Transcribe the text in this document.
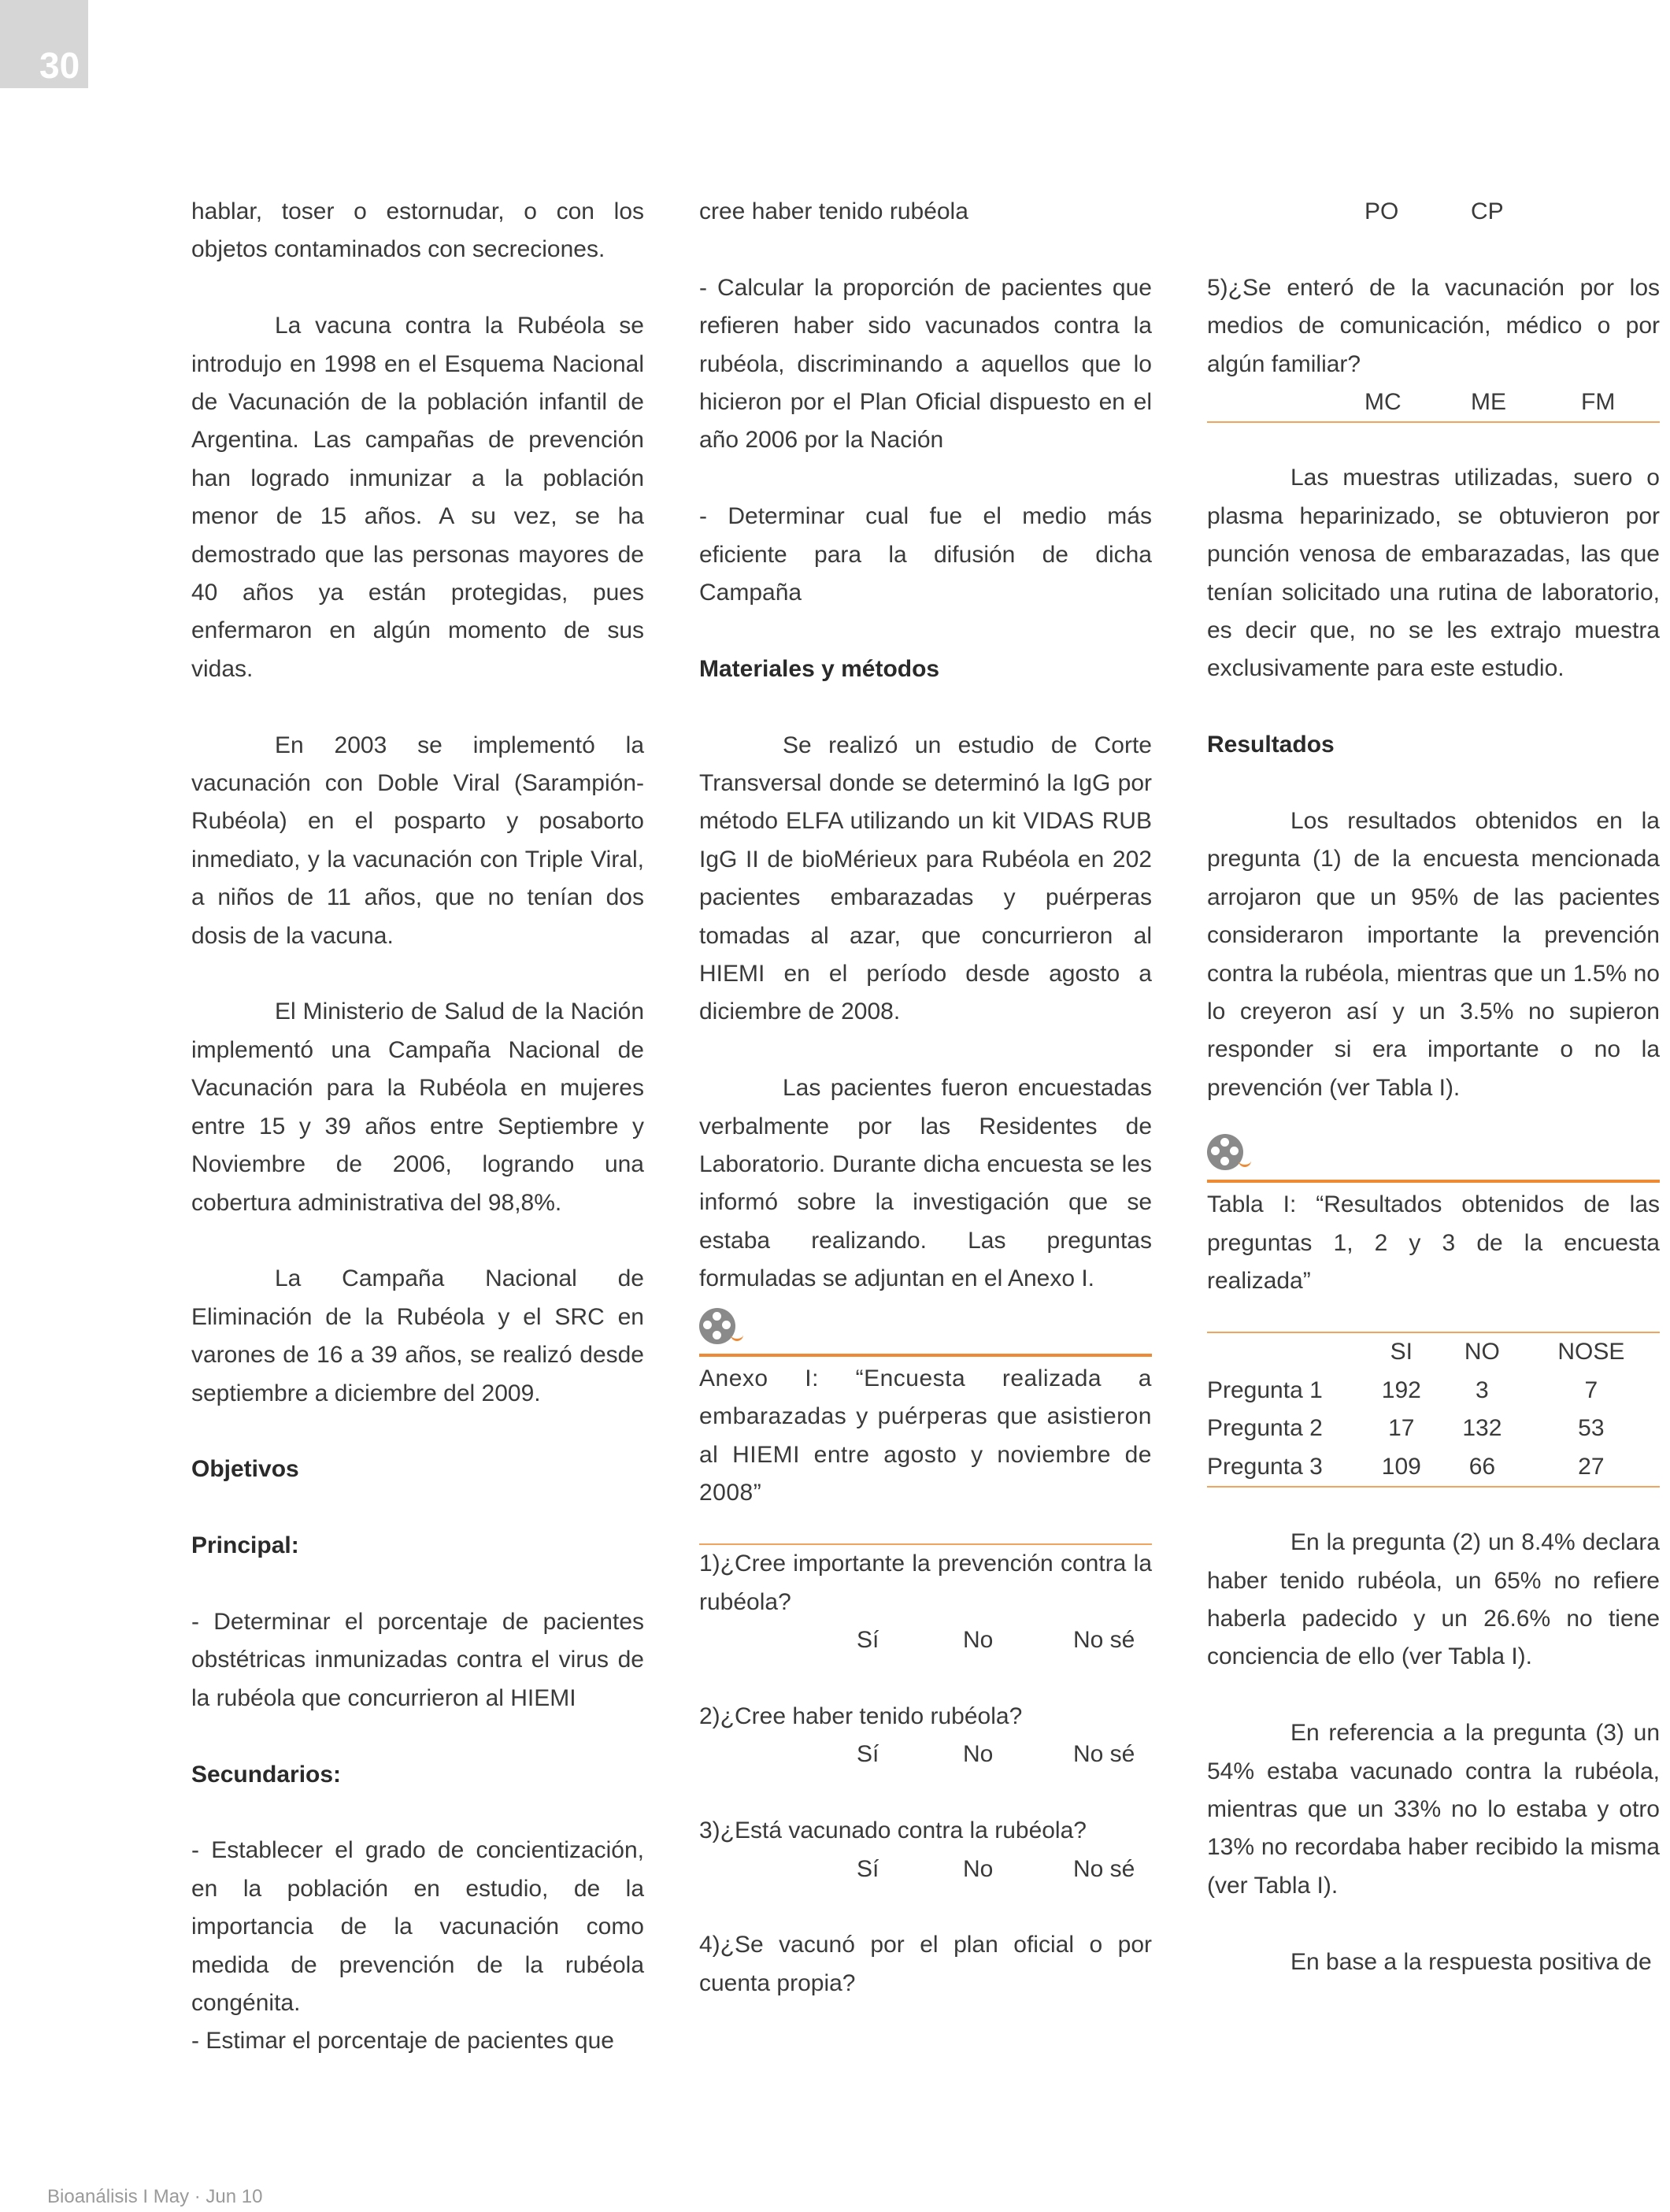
30

hablar, toser o estornudar, o con los objetos contaminados con secreciones.

La vacuna contra la Rubéola se introdujo en 1998 en el Esquema Nacional de Vacunación de la población infantil de Argentina. Las campañas de prevención han logrado inmunizar a la población menor de 15 años. A su vez, se ha demostrado que las personas mayores de 40 años ya están protegidas, pues enfermaron en algún momento de sus vidas.

En 2003 se implementó la vacunación con Doble Viral (Sarampión-Rubéola) en el posparto y posaborto inmediato, y la vacunación con Triple Viral, a niños de 11 años, que no tenían dos dosis de la vacuna.

El Ministerio de Salud de la Nación implementó una Campaña Nacional de Vacunación para la Rubéola en mujeres entre 15 y 39 años entre Septiembre y Noviembre de 2006, logrando una cobertura administrativa del 98,8%.

La Campaña Nacional de Eliminación de la Rubéola y el SRC en varones de 16 a 39 años, se realizó desde septiembre a diciembre del 2009.

Objetivos

Principal:

- Determinar el porcentaje de pacientes obstétricas inmunizadas contra el virus de la rubéola que concurrieron al HIEMI

Secundarios:

- Establecer el grado de concientización, en la población en estudio, de la importancia de la vacunación como medida de prevención de la rubéola congénita.

- Estimar el porcentaje de pacientes que

cree haber tenido rubéola

- Calcular la proporción de pacientes que refieren haber sido vacunados contra la rubéola, discriminando a aquellos que lo hicieron por el Plan Oficial dispuesto en el año 2006 por la Nación

- Determinar cual fue el medio más eficiente para la difusión de dicha Campaña

Materiales y métodos

Se realizó un estudio de Corte Transversal donde se determinó la IgG por método ELFA utilizando un kit VIDAS RUB IgG II de bioMérieux para Rubéola en 202 pacientes embarazadas y puérperas tomadas al azar, que concurrieron al HIEMI en el período desde agosto a diciembre de 2008.

Las pacientes fueron encuestadas verbalmente por las Residentes de Laboratorio. Durante dicha encuesta se les informó sobre la investigación que se estaba realizando. Las preguntas formuladas se adjuntan en el Anexo I.

Anexo I: “Encuesta realizada a embarazadas y puérperas que asistieron al HIEMI entre agosto y noviembre de 2008”

1)¿Cree importante la prevención contra la rubéola?

Sí	No	No sé

2)¿Cree haber tenido rubéola?

Sí	No	No sé

3)¿Está vacunado contra la rubéola?

Sí	No	No sé

4)¿Se vacunó por el plan oficial o por cuenta propia?

PO	CP

5)¿Se enteró de la vacunación por los medios de comunicación, médico o por algún familiar?

MC	ME	FM

Las muestras utilizadas, suero o plasma heparinizado, se obtuvieron por punción venosa de embarazadas, las que tenían solicitado una rutina de laboratorio, es decir que, no se les extrajo muestra exclusivamente para este estudio.

Resultados

Los resultados obtenidos en la pregunta (1) de la encuesta mencionada arrojaron que un 95% de las pacientes consideraron importante la prevención contra la rubéola, mientras que un 1.5% no lo creyeron así y un 3.5% no supieron responder si era importante o no la prevención (ver Tabla I).

Tabla I: “Resultados obtenidos de las preguntas 1, 2 y 3 de la encuesta realizada”

	SI	NO	NOSE
Pregunta 1	192	3	7
Pregunta 2	17	132	53
Pregunta 3	109	66	27

En la pregunta (2) un 8.4% declara haber tenido rubéola, un 65% no refiere haberla padecido y un 26.6% no tiene conciencia de ello (ver Tabla I).

En referencia a la pregunta (3) un 54% estaba vacunado contra la rubéola, mientras que un 33% no lo estaba y otro 13% no recordaba haber recibido la misma (ver Tabla I).

En base a la respuesta positiva de

Bioanálisis I May · Jun 10
